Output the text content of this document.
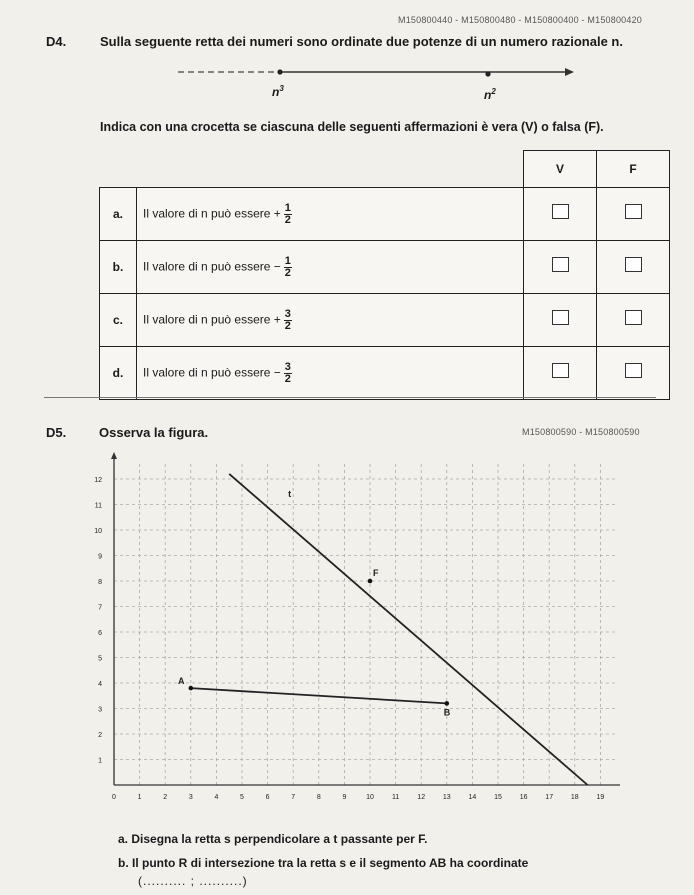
M150800440 - M150800480 - M150800400 - M150800420
D4.	Sulla seguente retta dei numeri sono ordinate due potenze di un numero razionale n.
$n^3$	$n^2$
Indica con una crocetta se ciascuna delle seguenti affermazioni è vera (V) o falsa (F).
		V	F
a.	Il valore di n può essere + $\frac{1}{2}$

b.	Il valore di n può essere − $\frac{1}{2}$

c.	Il valore di n può essere + $\frac{3}{2}$

d.	Il valore di n può essere − $\frac{3}{2}$

D5.	Osserva la figura.	M150800590 - M150800590
0	1	2	3	4	5	6	7	8	9	10	11	12	13	14	15	16	17	18	19
1
2
3
4
5
6
7
8
9
10
11
12
t
A
B
F
a. Disegna la retta s perpendicolare a t passante per F.
b. Il punto R di intersezione tra la retta s e il segmento AB ha coordinate
(.......... ; ..........)
